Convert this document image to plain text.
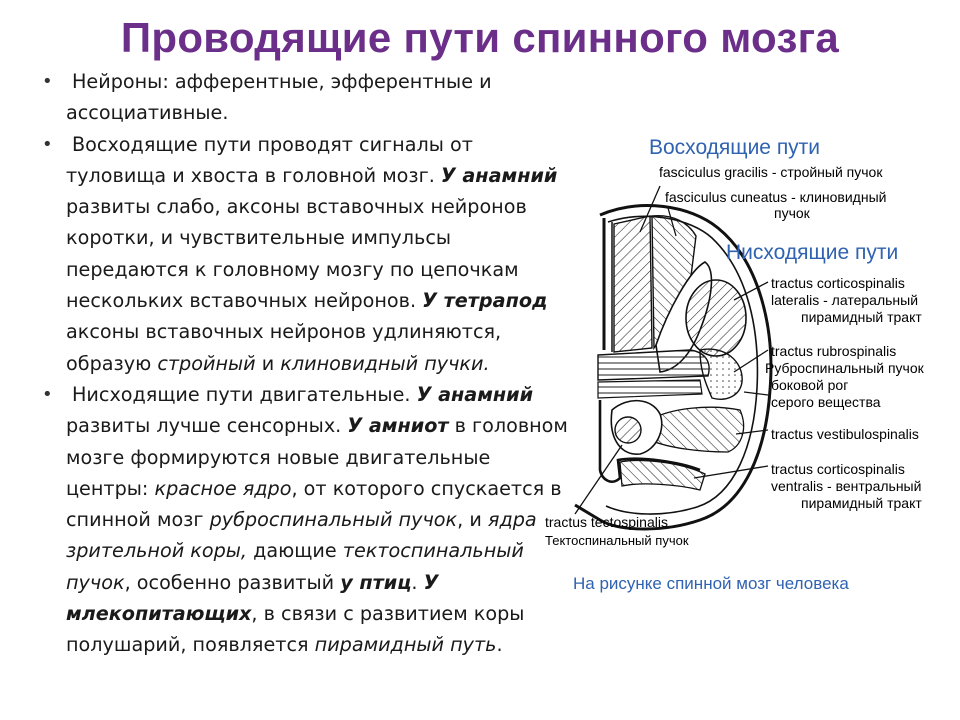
Проводящие пути спинного мозга
• Нейроны: афферентные, эфферентные и ассоциативные.
• Восходящие пути проводят сигналы от туловища и хвоста в головной мозг. У анамний развиты слабо, аксоны вставочных нейронов коротки, и чувствительные импульсы передаются к головному мозгу по цепочкам нескольких вставочных нейронов. У тетрапод аксоны вставочных нейронов удлиняются, образую стройный и клиновидный пучки.
• Нисходящие пути двигательные. У анамний развиты лучше сенсорных. У амниот в головном мозге формируются новые двигательные центры: красное ядро, от которого спускается в спинной мозг руброспинальный пучок, и ядра зрительной коры, дающие тектоспинальный пучок, особенно развитый у птиц. У млекопитающих, в связи с развитием коры полушарий, появляется пирамидный путь.
Восходящие пути
fasciculus gracilis - стройный пучок
fasciculus cuneatus - клиновидный
пучок
Нисходящие пути
tractus corticospinalis
lateralis - латеральный
пирамидный тракт
tractus rubrospinalis
Руброспинальный пучок
боковой рог
серого вещества
tractus vestibulospinalis
tractus corticospinalis
ventralis - вентральный
пирамидный тракт
tractus tectospinalis
Тектоспинальный пучок
На рисунке спинной мозг человека
